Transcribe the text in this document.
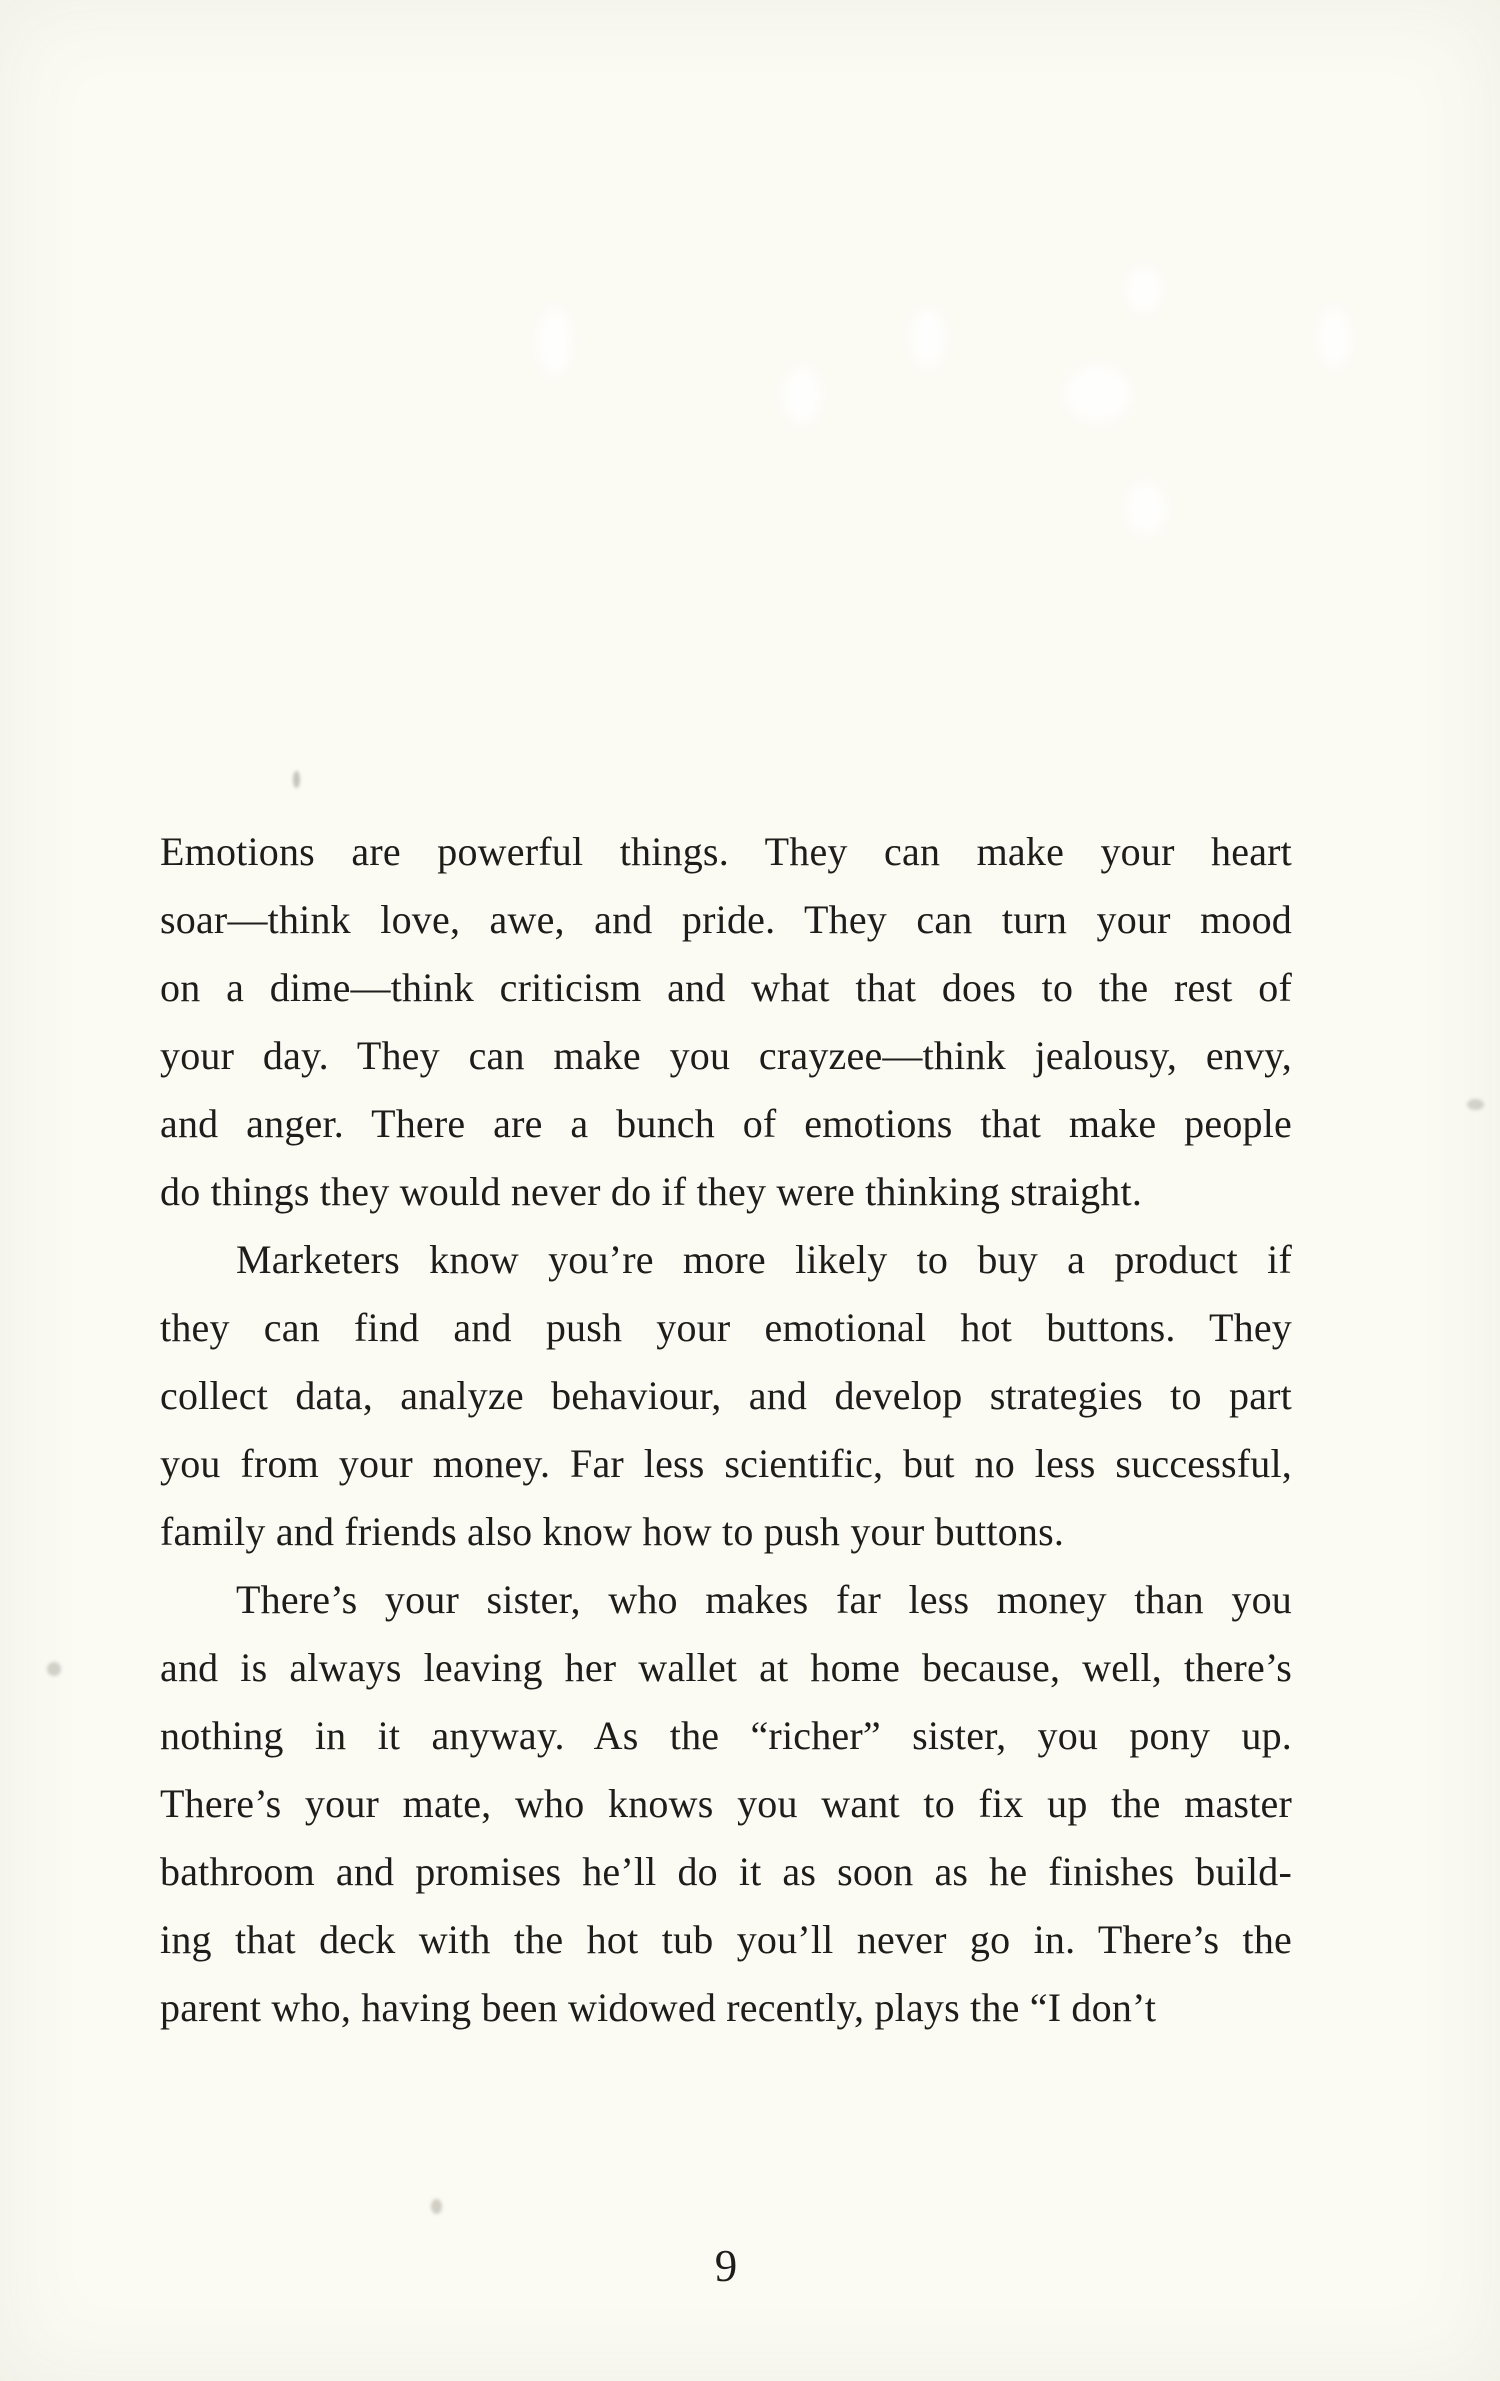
Emotions are powerful things. They can make your heart
soar—think love, awe, and pride. They can turn your mood
on a dime—think criticism and what that does to the rest of
your day. They can make you crayzee—think jealousy, envy,
and anger. There are a bunch of emotions that make people
do things they would never do if they were thinking straight.
Marketers know you’re more likely to buy a product if
they can find and push your emotional hot buttons. They
collect data, analyze behaviour, and develop strategies to part
you from your money. Far less scientific, but no less successful,
family and friends also know how to push your buttons.
There’s your sister, who makes far less money than you
and is always leaving her wallet at home because, well, there’s
nothing in it anyway. As the “richer” sister, you pony up.
There’s your mate, who knows you want to fix up the master
bathroom and promises he’ll do it as soon as he finishes build-
ing that deck with the hot tub you’ll never go in. There’s the
parent who, having been widowed recently, plays the “I don’t
9
